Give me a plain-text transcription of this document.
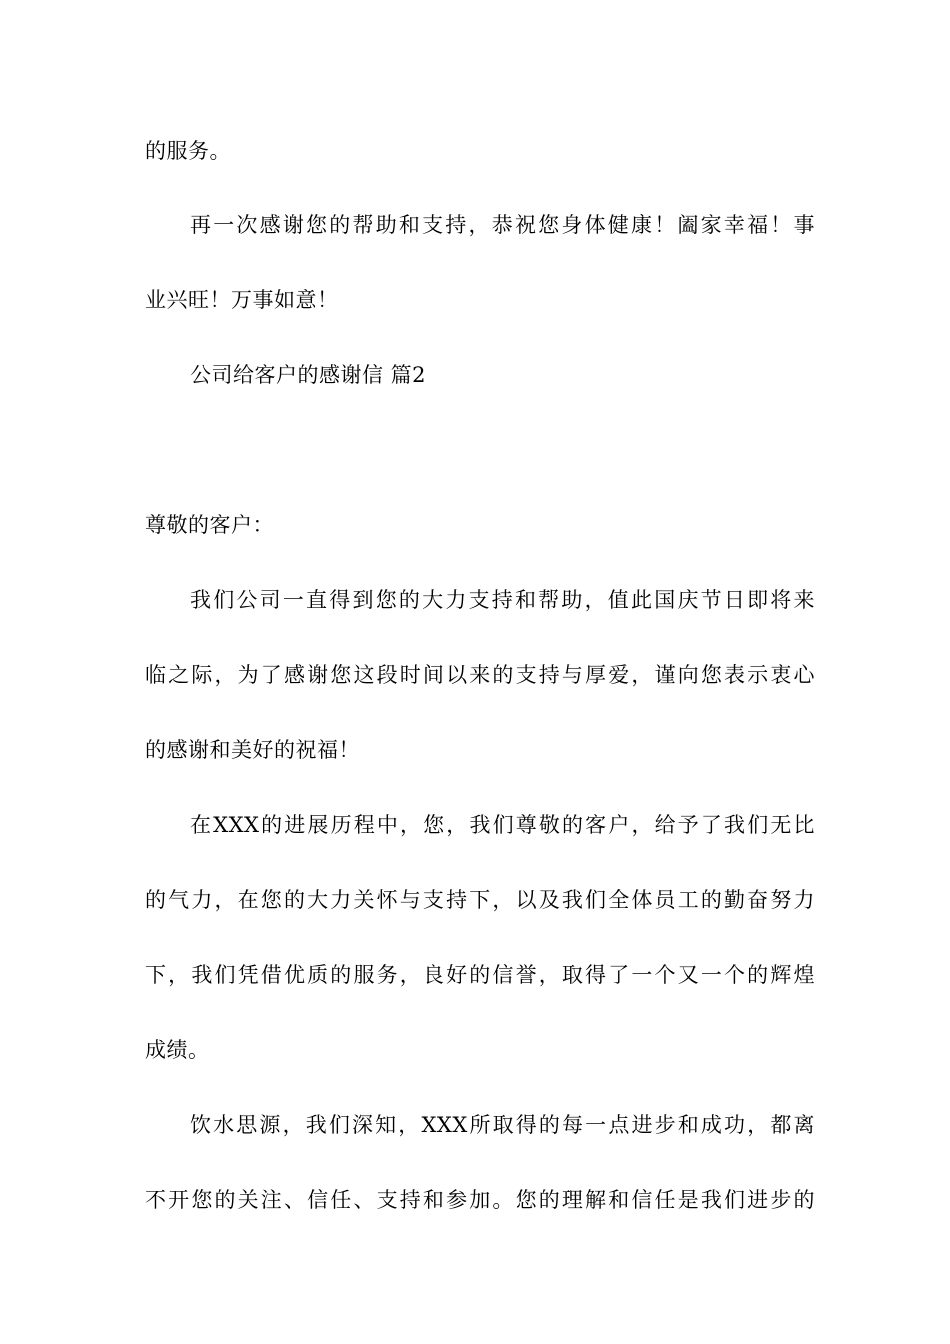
的服务。
再一次感谢您的帮助和支持，恭祝您身体健康！阖家幸福！事
业兴旺！万事如意！
公司给客户的感谢信 篇2
尊敬的客户：
我们公司一直得到您的大力支持和帮助，值此国庆节日即将来
临之际，为了感谢您这段时间以来的支持与厚爱，谨向您表示衷心
的感谢和美好的祝福！
在XXX的进展历程中，您，我们尊敬的客户，给予了我们无比
的气力，在您的大力关怀与支持下，以及我们全体员工的勤奋努力
下，我们凭借优质的服务，良好的信誉，取得了一个又一个的辉煌
成绩。
饮水思源，我们深知，XXX所取得的每一点进步和成功，都离
不开您的关注、信任、支持和参加。您的理解和信任是我们进步的
